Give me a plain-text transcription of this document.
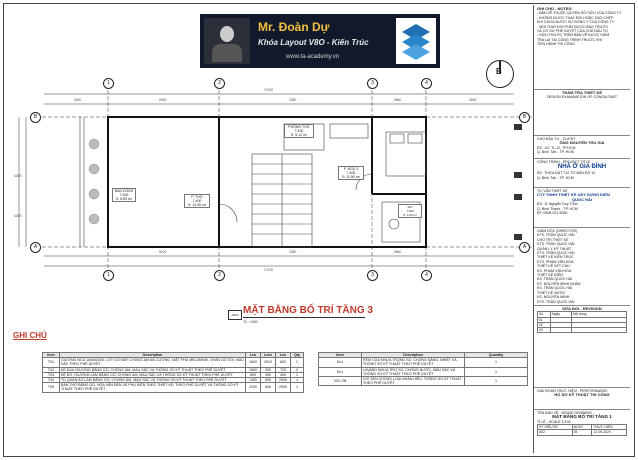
Mr. Đoàn Dự
Khóa Layout V8O - Kiến Trúc
www.ta-academy.vn
B
1	2	3	4
1	2	3	4
B
A
B
A
17100
4300	5300	2250	3600	4000
9100	2250	3600
17100
4200
4200
BAN CÔNG
7,300
S: 6,89 m²	P. THỜ
7,400
S: 12,40 m²
PHÒNG THỜ
7,400
S: 5,12 m²
P. NGỦ 3
7,400
S: 11,50 m²
WC
7,400
S: 3,20 m²
A003 MẶT BẰNG BỐ TRÍ TẦNG 3
TL: 1/50
GHI CHÚ
Item	Description	Len	Lenz	Len	Qty
T01	GIƯỜNG NGỦ 1800x2000, LÓT GỖ MDF CHỐNG ẨM AN CƯỜNG, MẶT PHỦ MELAMINE, CHÂN GỖ SỒI, MÀU SẮC THEO PHÊ DUYỆT	1800	2010	600	1
T02	KỆ ĐẦU GIƯỜNG BẰNG GỖ, CHỐNG ẨM, MÀU SẮC VÀ THÔNG SỐ KỸ THUẬT THEO PHÊ DUYỆT	1500	300	720	2
T03	KỆ ĐỒ, GIƯỜNG LÀM BẰNG GỖ, CHỐNG ẨM, MÀU SẮC VÀ THÔNG SỐ KỸ THUẬT THEO PHÊ DUYỆT	800	400	400	1
T04	TỦ QUẦN ÁO LÀM BẰNG GỖ, CHỐNG ẨM, MÀU SẮC VÀ THÔNG SỐ KỸ THUẬT THEO PHÊ DUYỆT	1400	600	2900	1
T05	BÀN THỜ BẰNG GỖ, HOA VĂN ĐÈN VÀ PHỤ KIỆN THEO THIẾT KẾ, THEO PHÊ DUYỆT VÀ THÔNG SỐ KỸ THUẬT THEO PHÊ DUYỆT	2200	600	2900	1
Item	Description	Quantity
Sn1	RÈM CỬA NHỰA TRONG SỐ, CHỐNG NẮNG, NHIỆT VÀ THÔNG SỐ KỸ THUẬT THEO PHÊ DUYỆT	1
Sn1	LAVABO NHỰA TRỢ SỐ, CHỐNG NƯỚC, MÀU SẮC VÀ THÔNG SỐ KỸ THUẬT THEO PHÊ DUYỆT	1
VS1 SN	VÒI SEN CHỐNG LOẠI NHẬN HIỆU, THÔNG SỐ KỸ THUẬT THEO PHÊ DUYỆT	1
GHI CHÚ - NOTES:
- BẢN VẼ THUỘC QUYỀN SỞ HỮU CỦA CÔNG TY
- KHÔNG ĐƯỢC THAY ĐỔI HOẶC SAO CHÉP
KHI CHƯA ĐƯỢC SỰ ĐỒNG Ý CỦA CÔNG TY
- MỌI THAY ĐỔI PHẢI ĐƯỢC BÁO TRƯỚC
VÀ CÓ SỰ PHÊ DUYỆT CỦA CHỦ ĐẦU TƯ
- KÍCH THƯỚC TRÊN BẢN VẼ ĐƯỢC KIỂM
TRA LẠI TẠI CÔNG TRÌNH TRƯỚC KHI
TIẾN HÀNH THI CÔNG
THẨM TRA THIẾT KẾ
DESIGN EXAMINATION OF CONSULTANT
CHỦ ĐẦU TƯ - CLIENT
ÔNG NGUYỄN THU GIA
ĐC: 1/2, TL.12, TP.HCM
Q. Bình Tân - TP. HCM
CÔNG TRÌNH - PROJECT TITLE
NHÀ Ở GIA ĐÌNH
ĐC: THỬA ĐẤT 712 TỜ BẢN ĐỒ 10
Q. Bình Tân - TP. HCM
TƯ VẤN THIẾT KẾ
CTY TNHH THIẾT KẾ XÂY DỰNG KIẾN
QUỐC HẢI
ĐC: 11 Nguyễn Duy Trinh
Q. Bình Thạnh - TP. HCM
ĐT: 0908 021 5050
GIÁM ĐỐC (DIRECTOR)
KTS. TRẦN QUỐC HẢI
CHỦ TRÌ THIẾT KẾ
KTS. TRẦN QUỐC HẢI
QUẢN LÝ KỸ THUẬT
KTS. TRẦN QUỐC HẢI
THIẾT KẾ KIẾN TRÚC
KTS. PHẠM VĂN HÒA
THIẾT KẾ KẾT CẤU
KS. PHẠM VĂN HÒA
THIẾT KẾ ĐIỆN
KS. TRẦN QUỐC HẢI
KS. NGUYỄN MINH NHÂN
KS. TRẦN QUỐC HẢI
THIẾT KẾ NƯỚC
KS. NGUYỄN MINH
KTS. TRẦN QUỐC HẢI
SỬA ĐỔI - REVISION
Số	Ngày	Nội dung
01		
02		
03		
GIAI ĐOẠN THỰC HIỆN - PERFORMANCE
HỒ SƠ KỸ THUẬT THI CÔNG
TÊN BẢN VẼ - INSIDE DRAWING
MẶT BẰNG BỐ TRÍ TẦNG 1
TỈ LỆ - SCALE 1/100
KÝ HIỆU BV	NGÀY	THỰC HIỆN
A02	05	12-09-2020
